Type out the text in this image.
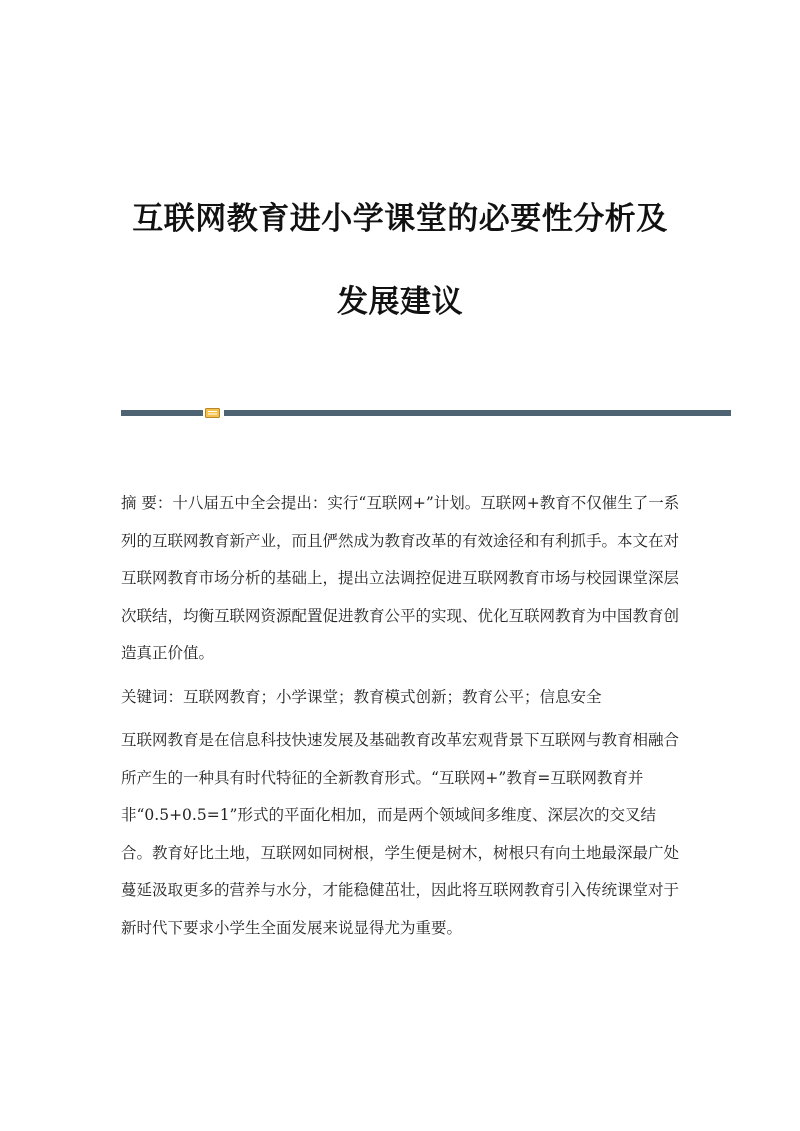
互联网教育进小学课堂的必要性分析及
发展建议

摘 要：十八届五中全会提出：实行“互联网+”计划。互联网+教育不仅催生了一系列的互联网教育新产业，而且俨然成为教育改革的有效途径和有利抓手。本文在对互联网教育市场分析的基础上，提出立法调控促进互联网教育市场与校园课堂深层次联结，均衡互联网资源配置促进教育公平的实现、优化互联网教育为中国教育创造真正价值。

关键词：互联网教育；小学课堂；教育模式创新；教育公平；信息安全

互联网教育是在信息科技快速发展及基础教育改革宏观背景下互联网与教育相融合所产生的一种具有时代特征的全新教育形式。“互联网+”教育=互联网教育并非“0.5+0.5=1”形式的平面化相加，而是两个领域间多维度、深层次的交叉结合。教育好比土地，互联网如同树根，学生便是树木，树根只有向土地最深最广处蔓延汲取更多的营养与水分，才能稳健茁壮，因此将互联网教育引入传统课堂对于新时代下要求小学生全面发展来说显得尤为重要。
